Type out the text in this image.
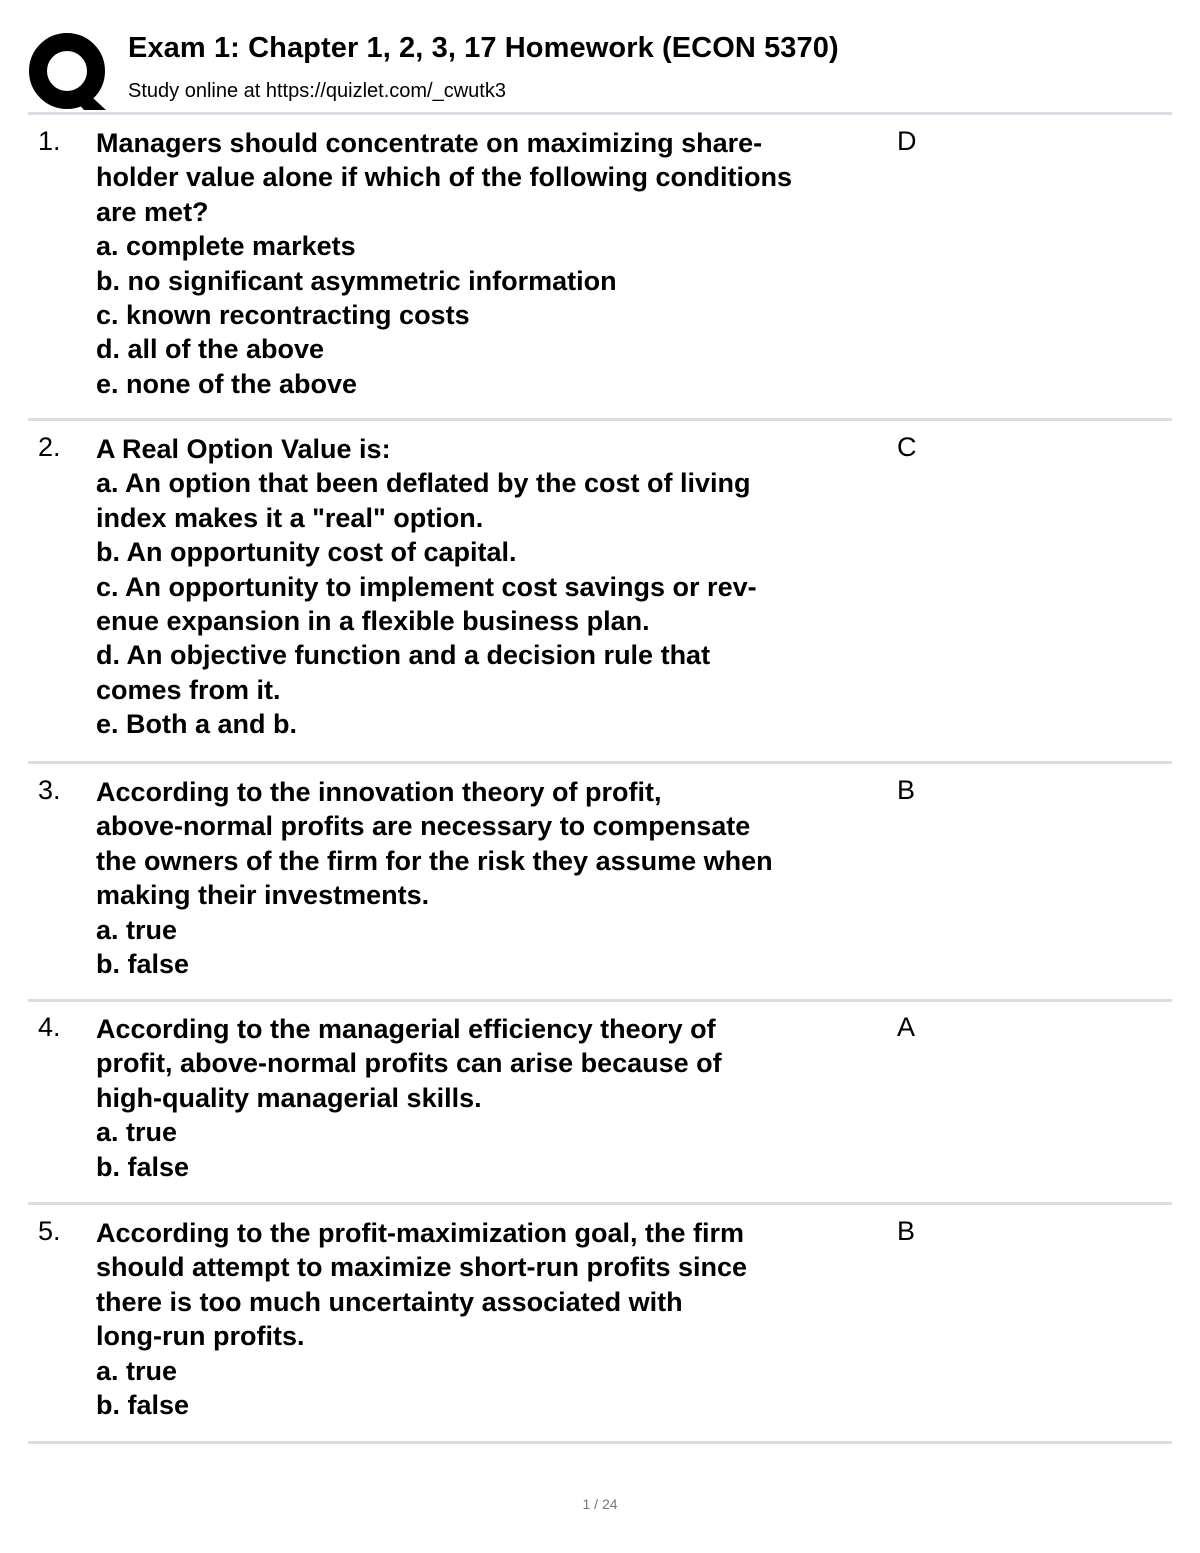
Exam 1: Chapter 1, 2, 3, 17 Homework (ECON 5370)
Study online at https://quizlet.com/_cwutk3
1. Managers should concentrate on maximizing share-
holder value alone if which of the following conditions
are met?
a. complete markets
b. no significant asymmetric information
c. known recontracting costs
d. all of the above
e. none of the above
D
2. A Real Option Value is:
a. An option that been deflated by the cost of living
index makes it a "real" option.
b. An opportunity cost of capital.
c. An opportunity to implement cost savings or rev-
enue expansion in a flexible business plan.
d. An objective function and a decision rule that
comes from it.
e. Both a and b.
C
3. According to the innovation theory of profit,
above-normal profits are necessary to compensate
the owners of the firm for the risk they assume when
making their investments.
a. true
b. false
B
4. According to the managerial efficiency theory of
profit, above-normal profits can arise because of
high-quality managerial skills.
a. true
b. false
A
5. According to the profit-maximization goal, the firm
should attempt to maximize short-run profits since
there is too much uncertainty associated with
long-run profits.
a. true
b. false
B
1 / 24
